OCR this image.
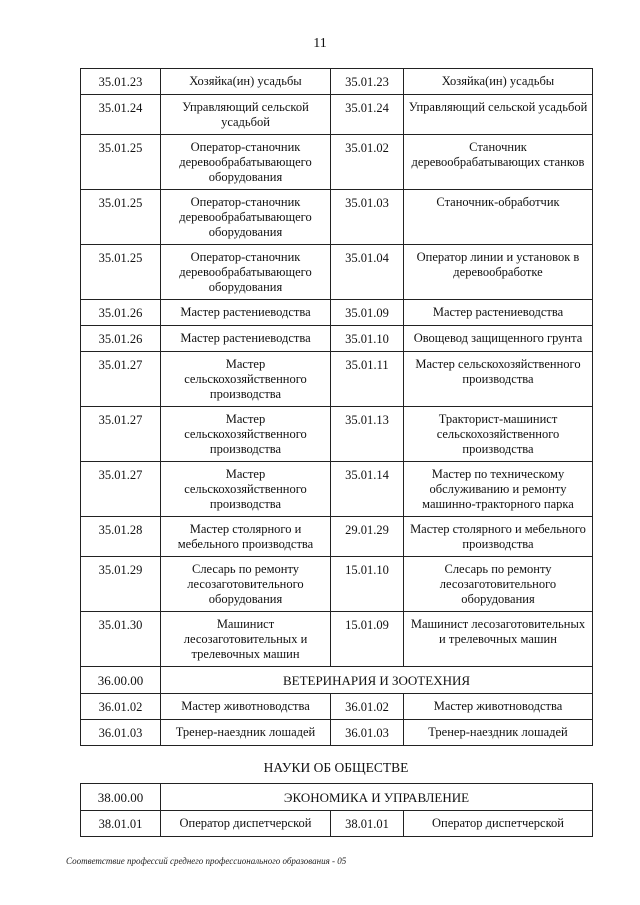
11
35.01.23	Хозяйка(ин) усадьбы	35.01.23	Хозяйка(ин) усадьбы
35.01.24	Управляющий сельской усадьбой	35.01.24	Управляющий сельской усадьбой
35.01.25	Оператор-станочник деревообрабатывающего оборудования	35.01.02	Станочник деревообрабатывающих станков
35.01.25	Оператор-станочник деревообрабатывающего оборудования	35.01.03	Станочник-обработчик
35.01.25	Оператор-станочник деревообрабатывающего оборудования	35.01.04	Оператор линии и установок в деревообработке
35.01.26	Мастер растениеводства	35.01.09	Мастер растениеводства
35.01.26	Мастер растениеводства	35.01.10	Овощевод защищенного грунта
35.01.27	Мастер сельскохозяйственного производства	35.01.11	Мастер сельскохозяйственного производства
35.01.27	Мастер сельскохозяйственного производства	35.01.13	Тракторист-машинист сельскохозяйственного производства
35.01.27	Мастер сельскохозяйственного производства	35.01.14	Мастер по техническому обслуживанию и ремонту машинно-тракторного парка
35.01.28	Мастер столярного и мебельного производства	29.01.29	Мастер столярного и мебельного производства
35.01.29	Слесарь по ремонту лесозаготовительного оборудования	15.01.10	Слесарь по ремонту лесозаготовительного оборудования
35.01.30	Машинист лесозаготовительных и трелевочных машин	15.01.09	Машинист лесозаготовительных и трелевочных машин
36.00.00	ВЕТЕРИНАРИЯ И ЗООТЕХНИЯ		
36.01.02	Мастер животноводства	36.01.02	Мастер животноводства
36.01.03	Тренер-наездник лошадей	36.01.03	Тренер-наездник лошадей
НАУКИ ОБ ОБЩЕСТВЕ
38.00.00	ЭКОНОМИКА И УПРАВЛЕНИЕ		
38.01.01	Оператор диспетчерской	38.01.01	Оператор диспетчерской
Соответствие профессий среднего профессионального образования - 05
